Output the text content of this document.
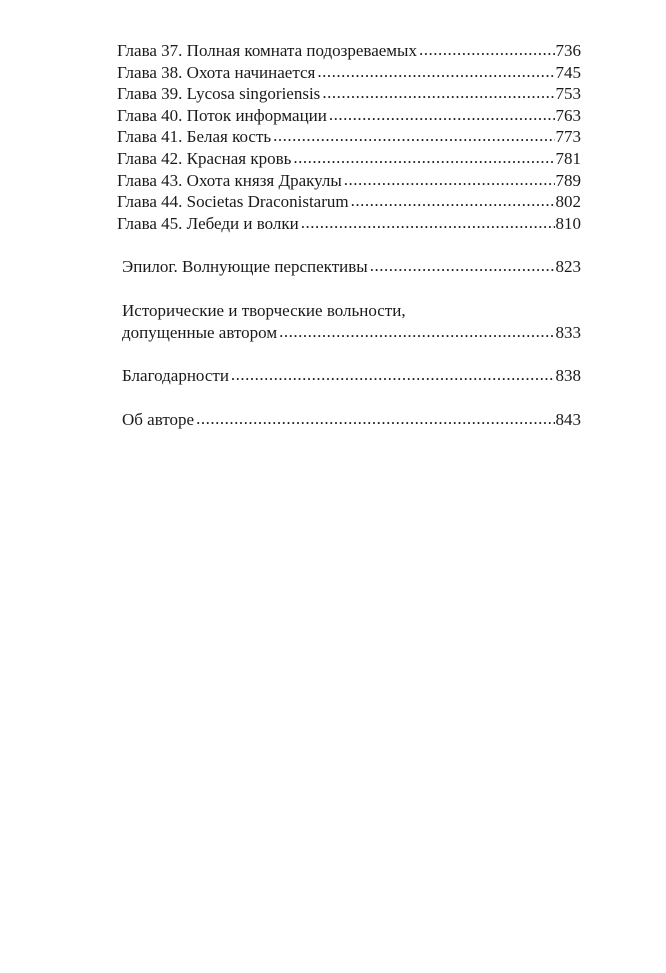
Глава 37. Полная комната подозреваемых .....	736
Глава 38. Охота начинается .....	745
Глава 39. Lycosa singoriensis .....	753
Глава 40. Поток информации .....	763
Глава 41. Белая кость .....	773
Глава 42. Красная кровь .....	781
Глава 43. Охота князя Дракулы .....	789
Глава 44. Societas Draconistarum .....	802
Глава 45. Лебеди и волки .....	810
Эпилог. Волнующие перспективы .....	823
Исторические и творческие вольности,
допущенные автором .....	833
Благодарности .....	838
Об авторе .....	843
